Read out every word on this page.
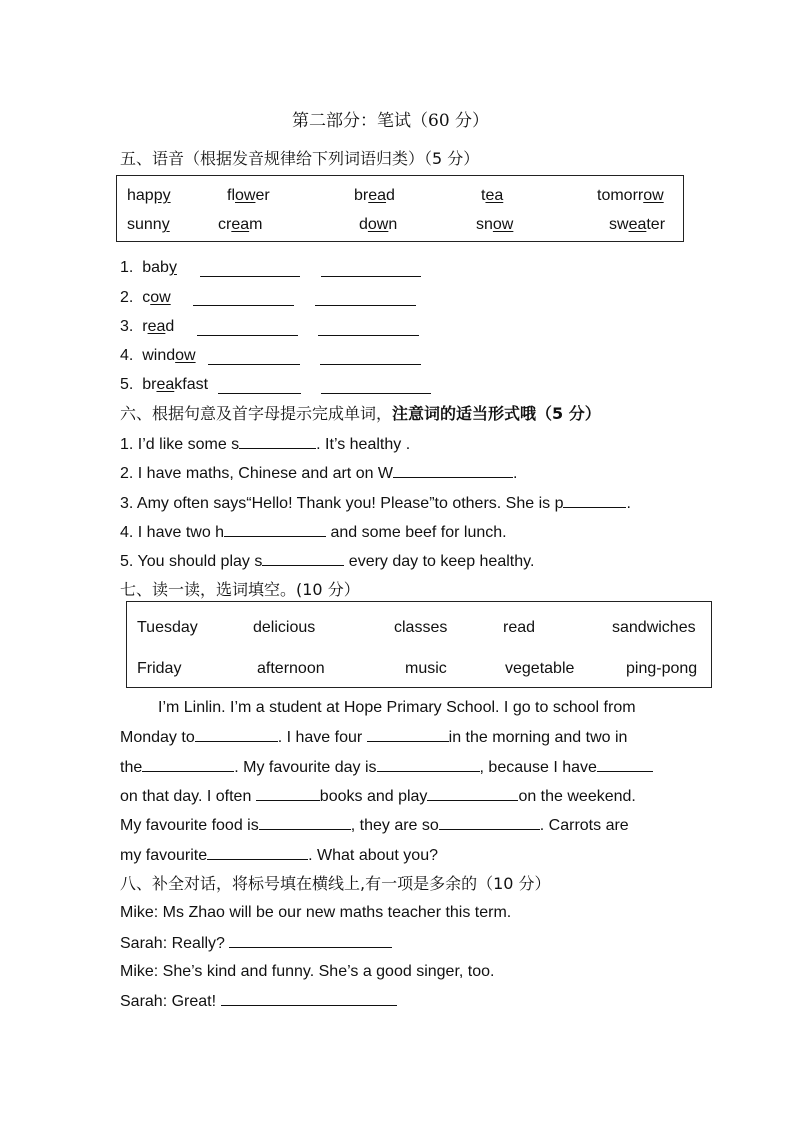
第二部分：笔试（60 分）
五、语音（根据发音规律给下列词语归类）（5 分）
happy	flower	bread	tea	tomorrow
sunny	cream	down	snow	sweater
1. baby
2. cow
3. read
4. window
5. breakfast
六、根据句意及首字母提示完成单词，注意词的适当形式哦（5 分）
1. I’d like some s	. It’s healthy .
2. I have maths, Chinese and art on W	.
3. Amy often says“Hello! Thank you! Please”to others. She is p	.
4. I have two h	and some beef for lunch.
5. You should play s	every day to keep healthy.
七、读一读，选词填空。(10 分）
Tuesday	delicious	classes	read	sandwiches
Friday	afternoon	music	vegetable	ping-pong
I’m Linlin. I’m a student at Hope Primary School. I go to school from
Monday to	. I have four	in the morning and two in
the	. My favourite day is	, because I have
on that day. I often	books and play	on the weekend.
My favourite food is	, they are so	. Carrots are
my favourite	. What about you?
八、补全对话，将标号填在横线上,有一项是多余的（10 分）
Mike: Ms Zhao will be our new maths teacher this term.
Sarah: Really?
Mike: She’s kind and funny. She’s a good singer, too.
Sarah: Great!
